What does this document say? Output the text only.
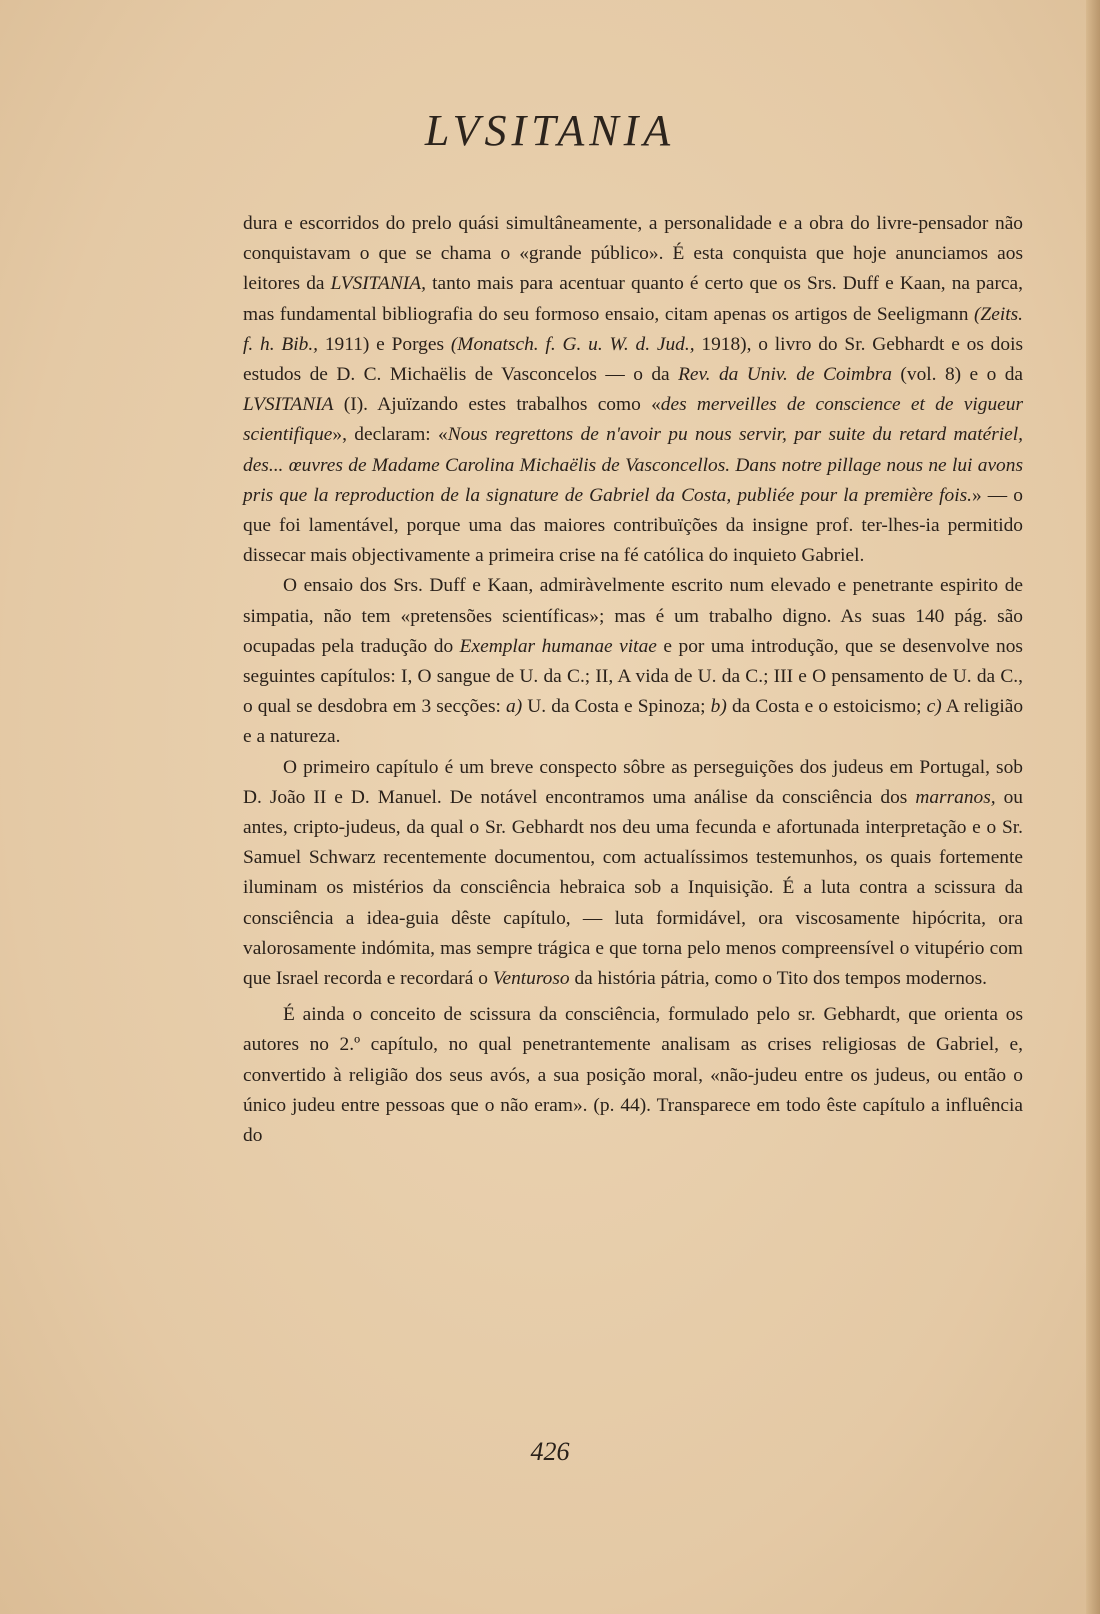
LVSITANIA

dura e escorridos do prelo quási simultâneamente, a personalidade e a obra do livre-pensador não conquistavam o que se chama o «grande público». É esta conquista que hoje anunciamos aos leitores da LVSITANIA, tanto mais para acentuar quanto é certo que os Srs. Duff e Kaan, na parca, mas fundamental bibliografia do seu formoso ensaio, citam apenas os artigos de Seeligmann (Zeits. f. h. Bib., 1911) e Porges (Monatsch. f. G. u. W. d. Jud., 1918), o livro do Sr. Gebhardt e os dois estudos de D. C. Michaëlis de Vasconcelos — o da Rev. da Univ. de Coimbra (vol. 8) e o da LVSITANIA (I). Ajuïzando estes trabalhos como «des merveilles de conscience et de vigueur scientifique», declaram: «Nous regrettons de n'avoir pu nous servir, par suite du retard matériel, des... œuvres de Madame Carolina Michaëlis de Vasconcellos. Dans notre pillage nous ne lui avons pris que la reproduction de la signature de Gabriel da Costa, publiée pour la première fois.» — o que foi lamentável, porque uma das maiores contribuïções da insigne prof. ter-lhes-ia permitido dissecar mais objectivamente a primeira crise na fé católica do inquieto Gabriel.

O ensaio dos Srs. Duff e Kaan, admiràvelmente escrito num elevado e penetrante espirito de simpatia, não tem «pretensões scientíficas»; mas é um trabalho digno. As suas 140 pág. são ocupadas pela tradução do Exemplar humanae vitae e por uma introdução, que se desenvolve nos seguintes capítulos: I, O sangue de U. da C.; II, A vida de U. da C.; III e O pensamento de U. da C., o qual se desdobra em 3 secções: a) U. da Costa e Spinoza; b) da Costa e o estoicismo; c) A religião e a natureza.

O primeiro capítulo é um breve conspecto sôbre as perseguições dos judeus em Portugal, sob D. João II e D. Manuel. De notável encontramos uma análise da consciência dos marranos, ou antes, cripto-judeus, da qual o Sr. Gebhardt nos deu uma fecunda e afortunada interpretação e o Sr. Samuel Schwarz recentemente documentou, com actualíssimos testemunhos, os quais fortemente iluminam os mistérios da consciência hebraica sob a Inquisição. É a luta contra a scissura da consciência a idea-guia dêste capítulo, — luta formidável, ora viscosamente hipócrita, ora valorosamente indómita, mas sempre trágica e que torna pelo menos compreensível o vitupério com que Israel recorda e recordará o Venturoso da história pátria, como o Tito dos tempos modernos.

É ainda o conceito de scissura da consciência, formulado pelo sr. Gebhardt, que orienta os autores no 2.º capítulo, no qual penetrantemente analisam as crises religiosas de Gabriel, e, convertido à religião dos seus avós, a sua posição moral, «não-judeu entre os judeus, ou então o único judeu entre pessoas que o não eram». (p. 44). Transparece em todo êste capítulo a influência do

426
